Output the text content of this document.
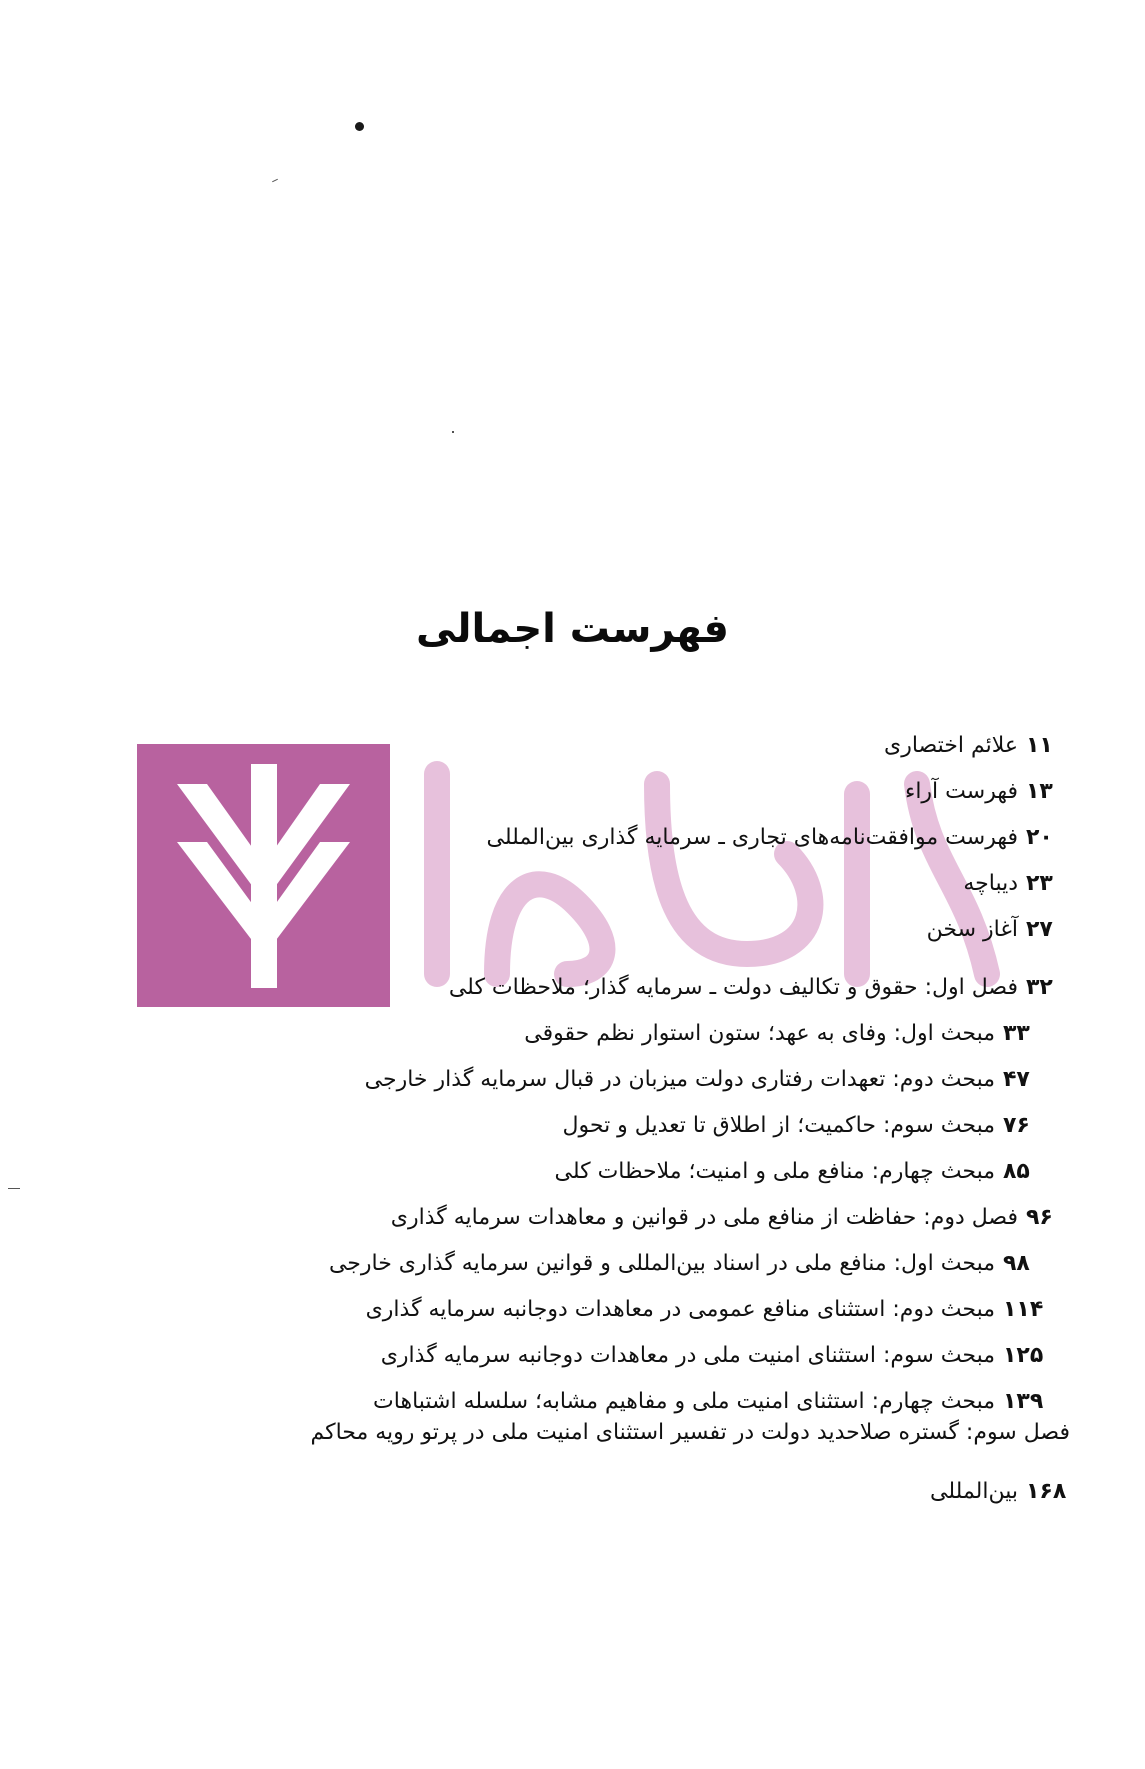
فهرست اجمالی
علائم اختصاری ۱۱
فهرست آراء ۱۳
فهرست موافقت‌نامه‌های تجاری ـ سرمایه گذاری بین‌المللی ۲۰
دیباچه ۲۳
آغاز سخن ۲۷
فصل اول: حقوق و تکالیف دولت ـ سرمایه گذار؛ ملاحظات کلی ۳۲
مبحث اول: وفای به عهد؛ ستون استوار نظم حقوقی ۳۳
مبحث دوم: تعهدات رفتاری دولت میزبان در قبال سرمایه گذار خارجی ۴۷
مبحث سوم: حاکمیت؛ از اطلاق تا تعدیل و تحول ۷۶
مبحث چهارم: منافع ملی و امنیت؛ ملاحظات کلی ۸۵
فصل دوم: حفاظت از منافع ملی در قوانین و معاهدات سرمایه گذاری ۹۶
مبحث اول: منافع ملی در اسناد بین‌المللی و قوانین سرمایه گذاری خارجی ۹۸
مبحث دوم: استثنای منافع عمومی در معاهدات دوجانبه سرمایه گذاری ۱۱۴
مبحث سوم: استثنای امنیت ملی در معاهدات دوجانبه سرمایه گذاری ۱۲۵
مبحث چهارم: استثنای امنیت ملی و مفاهیم مشابه؛ سلسله اشتباهات ۱۳۹
فصل سوم: گستره صلاحدید دولت در تفسیر استثنای امنیت ملی در پرتو رویه محاکم
بین‌المللی ۱۶۸
